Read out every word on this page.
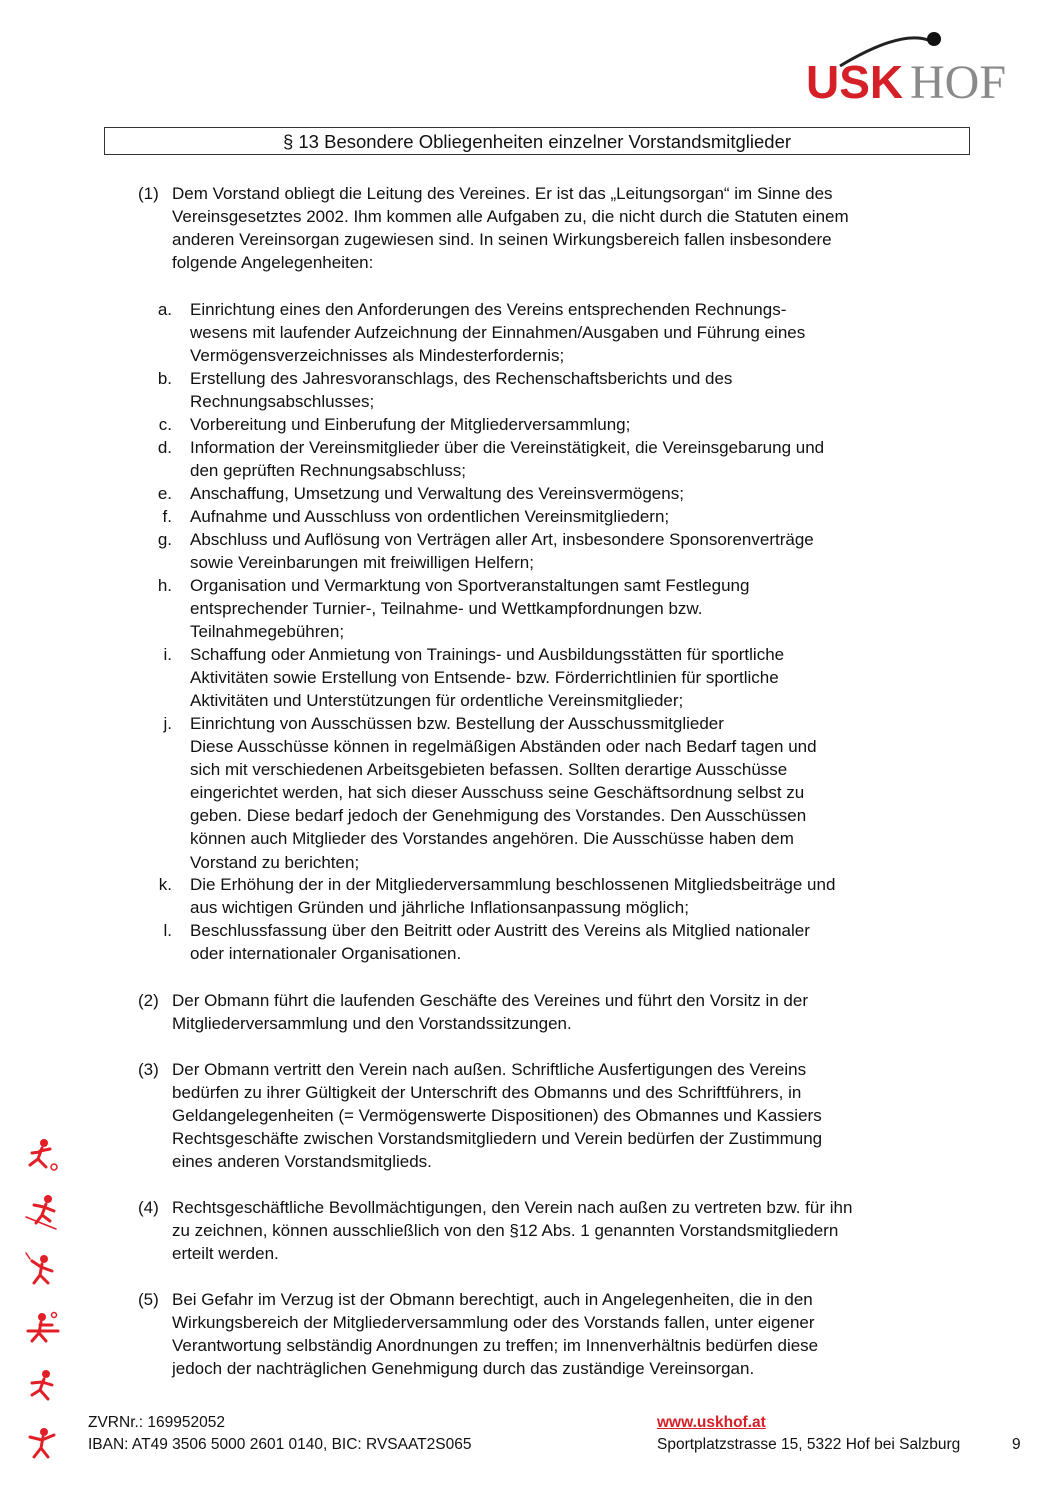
USK HOF
§ 13 Besondere Obliegenheiten einzelner Vorstandsmitglieder
(1) Dem Vorstand obliegt die Leitung des Vereines. Er ist das „Leitungsorgan“ im Sinne des
Vereinsgesetztes 2002. Ihm kommen alle Aufgaben zu, die nicht durch die Statuten einem
anderen Vereinsorgan zugewiesen sind. In seinen Wirkungsbereich fallen insbesondere
folgende Angelegenheiten:
a. Einrichtung eines den Anforderungen des Vereins entsprechenden Rechnungs-
wesens mit laufender Aufzeichnung der Einnahmen/Ausgaben und Führung eines
Vermögensverzeichnisses als Mindesterfordernis;
b. Erstellung des Jahresvoranschlags, des Rechenschaftsberichts und des
Rechnungsabschlusses;
c. Vorbereitung und Einberufung der Mitgliederversammlung;
d. Information der Vereinsmitglieder über die Vereinstätigkeit, die Vereinsgebarung und
den geprüften Rechnungsabschluss;
e. Anschaffung, Umsetzung und Verwaltung des Vereinsvermögens;
f. Aufnahme und Ausschluss von ordentlichen Vereinsmitgliedern;
g. Abschluss und Auflösung von Verträgen aller Art, insbesondere Sponsorenverträge
sowie Vereinbarungen mit freiwilligen Helfern;
h. Organisation und Vermarktung von Sportveranstaltungen samt Festlegung
entsprechender Turnier-, Teilnahme- und Wettkampfordnungen bzw.
Teilnahmegebühren;
i. Schaffung oder Anmietung von Trainings- und Ausbildungsstätten für sportliche
Aktivitäten sowie Erstellung von Entsende- bzw. Förderrichtlinien für sportliche
Aktivitäten und Unterstützungen für ordentliche Vereinsmitglieder;
j. Einrichtung von Ausschüssen bzw. Bestellung der Ausschussmitglieder
Diese Ausschüsse können in regelmäßigen Abständen oder nach Bedarf tagen und
sich mit verschiedenen Arbeitsgebieten befassen. Sollten derartige Ausschüsse
eingerichtet werden, hat sich dieser Ausschuss seine Geschäftsordnung selbst zu
geben. Diese bedarf jedoch der Genehmigung des Vorstandes. Den Ausschüssen
können auch Mitglieder des Vorstandes angehören. Die Ausschüsse haben dem
Vorstand zu berichten;
k. Die Erhöhung der in der Mitgliederversammlung beschlossenen Mitgliedsbeiträge und
aus wichtigen Gründen und jährliche Inflationsanpassung möglich;
l. Beschlussfassung über den Beitritt oder Austritt des Vereins als Mitglied nationaler
oder internationaler Organisationen.
(2) Der Obmann führt die laufenden Geschäfte des Vereines und führt den Vorsitz in der
Mitgliederversammlung und den Vorstandssitzungen.
(3) Der Obmann vertritt den Verein nach außen. Schriftliche Ausfertigungen des Vereins
bedürfen zu ihrer Gültigkeit der Unterschrift des Obmanns und des Schriftführers, in
Geldangelegenheiten (= Vermögenswerte Dispositionen) des Obmannes und Kassiers
Rechtsgeschäfte zwischen Vorstandsmitgliedern und Verein bedürfen der Zustimmung
eines anderen Vorstandsmitglieds.
(4) Rechtsgeschäftliche Bevollmächtigungen, den Verein nach außen zu vertreten bzw. für ihn
zu zeichnen, können ausschließlich von den §12 Abs. 1 genannten Vorstandsmitgliedern
erteilt werden.
(5) Bei Gefahr im Verzug ist der Obmann berechtigt, auch in Angelegenheiten, die in den
Wirkungsbereich der Mitgliederversammlung oder des Vorstands fallen, unter eigener
Verantwortung selbständig Anordnungen zu treffen; im Innenverhältnis bedürfen diese
jedoch der nachträglichen Genehmigung durch das zuständige Vereinsorgan.
ZVRNr.: 169952052
IBAN: AT49 3506 5000 2601 0140, BIC: RVSAAT2S065
www.uskhof.at
Sportplatzstrasse 15, 5322 Hof bei Salzburg	9
